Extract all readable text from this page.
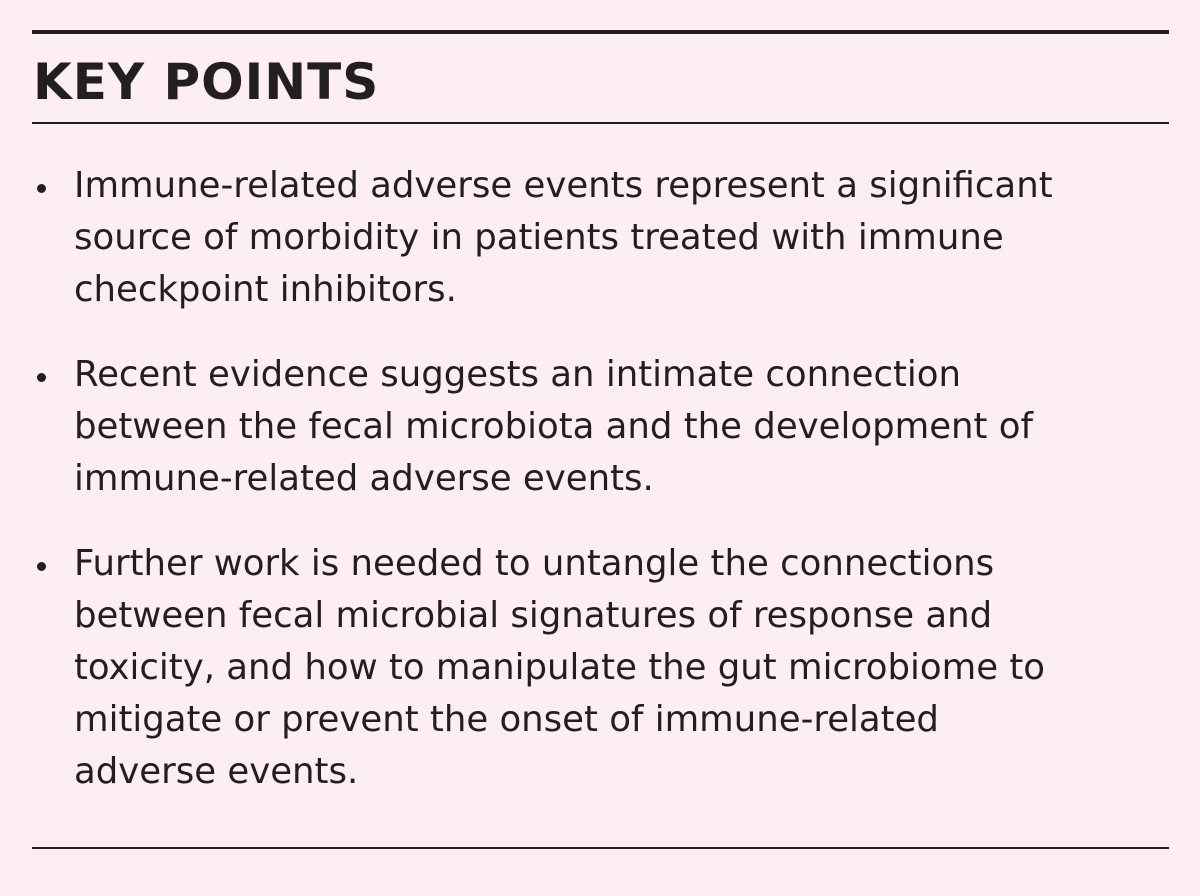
KEY POINTS
Immune-related adverse events represent a significant
source of morbidity in patients treated with immune
checkpoint inhibitors.
Recent evidence suggests an intimate connection
between the fecal microbiota and the development of
immune-related adverse events.
Further work is needed to untangle the connections
between fecal microbial signatures of response and
toxicity, and how to manipulate the gut microbiome to
mitigate or prevent the onset of immune-related
adverse events.
